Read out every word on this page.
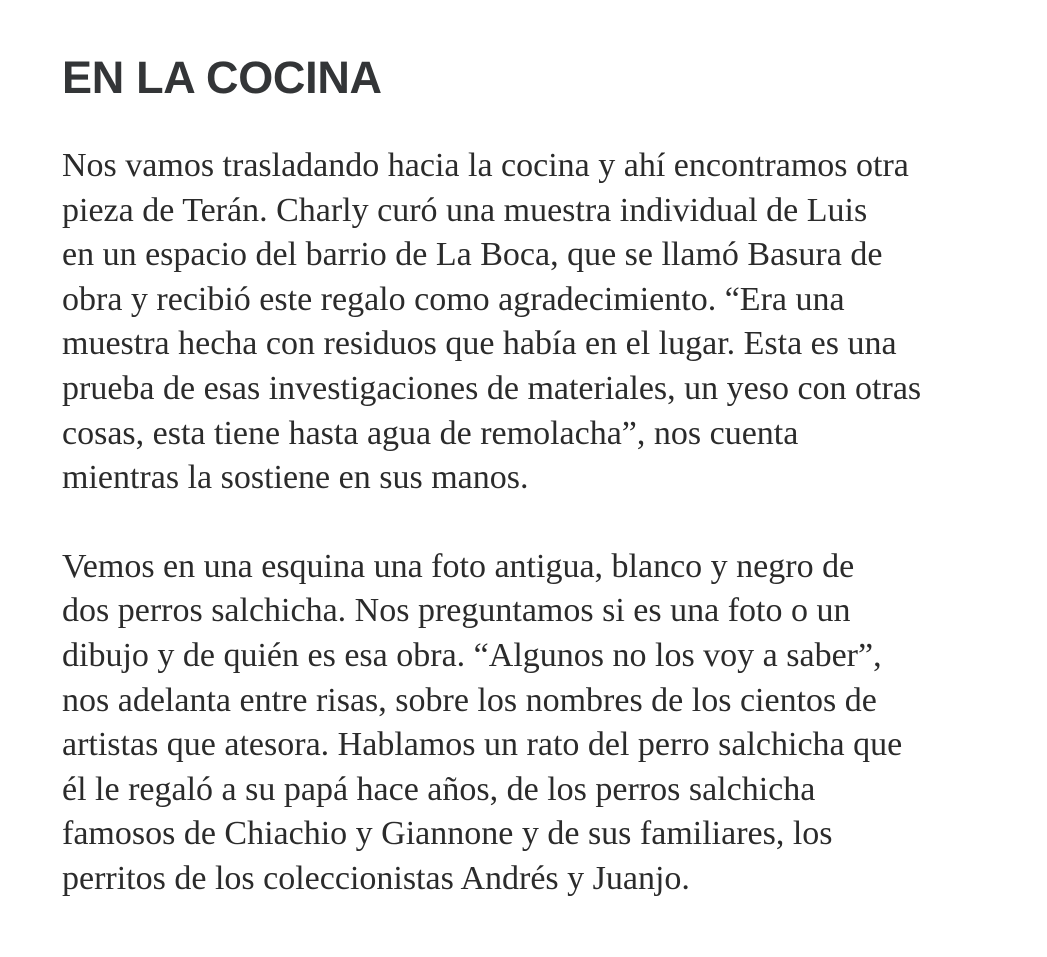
EN LA COCINA

Nos vamos trasladando hacia la cocina y ahí encontramos otra
pieza de Terán. Charly curó una muestra individual de Luis
en un espacio del barrio de La Boca, que se llamó Basura de
obra y recibió este regalo como agradecimiento. “Era una
muestra hecha con residuos que había en el lugar. Esta es una
prueba de esas investigaciones de materiales, un yeso con otras
cosas, esta tiene hasta agua de remolacha”, nos cuenta
mientras la sostiene en sus manos.

Vemos en una esquina una foto antigua, blanco y negro de
dos perros salchicha. Nos preguntamos si es una foto o un
dibujo y de quién es esa obra. “Algunos no los voy a saber”,
nos adelanta entre risas, sobre los nombres de los cientos de
artistas que atesora. Hablamos un rato del perro salchicha que
él le regaló a su papá hace años, de los perros salchicha
famosos de Chiachio y Giannone y de sus familiares, los
perritos de los coleccionistas Andrés y Juanjo.
